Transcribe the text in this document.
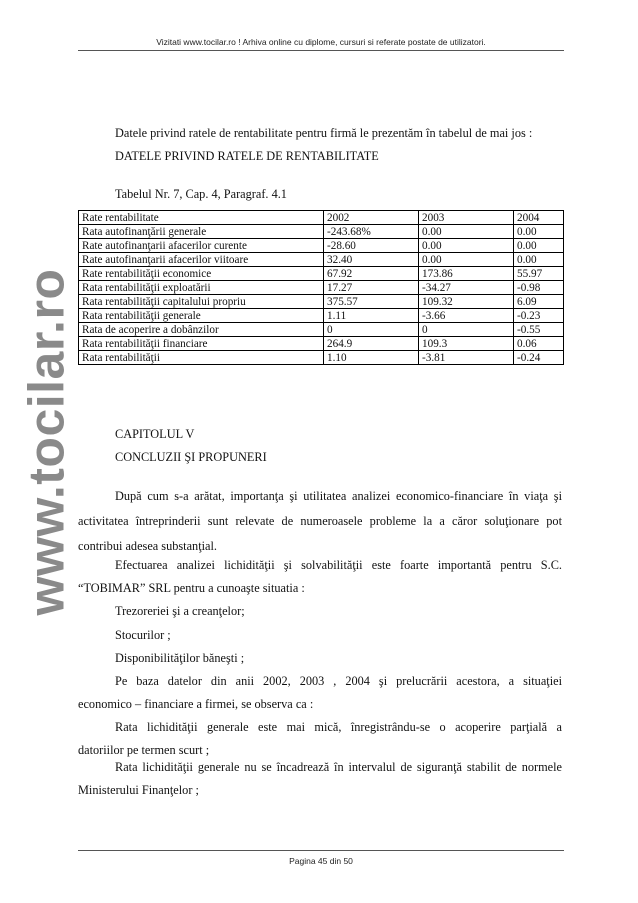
Vizitati www.tocilar.ro ! Arhiva online cu diplome, cursuri si referate postate de utilizatori.
www.tocilar.ro
Datele privind ratele de rentabilitate pentru firmă le prezentăm în tabelul de mai jos :
DATELE PRIVIND RATELE DE RENTABILITATE
Tabelul Nr. 7, Cap. 4, Paragraf. 4.1
Rate rentabilitate	2002	2003	2004
Rata autofinanţării generale	-243.68%	0.00	0.00
Rate autofinanţarii afacerilor curente	-28.60	0.00	0.00
Rate autofinanţarii afacerilor viitoare	32.40	0.00	0.00
Rate rentabilităţii economice	67.92	173.86	55.97
Rata rentabilităţii exploatării	17.27	-34.27	-0.98
Rata rentabilităţii capitalului propriu	375.57	109.32	6.09
Rata rentabilităţii generale	1.11	-3.66	-0.23
Rata de acoperire a dobânzilor	0	0	-0.55
Rata rentabilităţii financiare	264.9	109.3	0.06
Rata rentabilităţii	1.10	-3.81	-0.24
CAPITOLUL V
CONCLUZII ŞI PROPUNERI
După cum s-a arătat, importanţa şi utilitatea analizei economico-financiare în viaţa şi
activitatea întreprinderii sunt relevate de numeroasele probleme la a căror soluţionare pot
contribui adesea substanţial.
Efectuarea analizei lichidităţii şi solvabilităţii este foarte importantă pentru S.C.
“TOBIMAR” SRL pentru a cunoaşte situatia :
Trezoreriei şi a creanţelor;
Stocurilor ;
Disponibilităţilor băneşti ;
Pe baza datelor din anii 2002, 2003 , 2004 şi prelucrării acestora, a situaţiei
economico – financiare a firmei, se observa ca :
Rata lichidităţii generale este mai mică, înregistrându-se o acoperire parţială a
datoriilor pe termen scurt ;
Rata lichidităţii generale nu se încadrează în intervalul de siguranţă stabilit de normele
Ministerului Finanţelor ;
Pagina 45 din 50
